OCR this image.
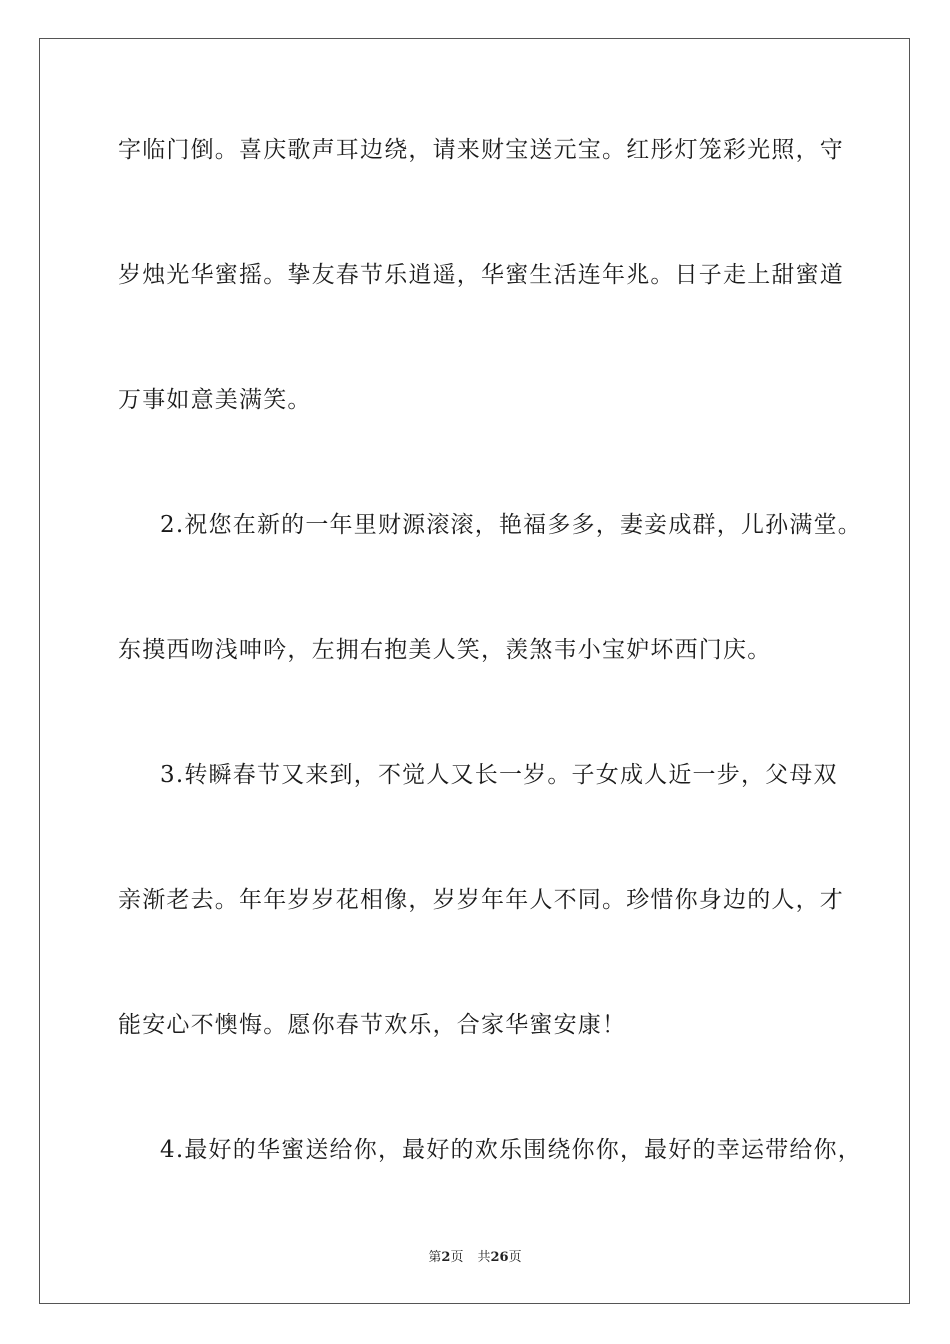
字临门倒。喜庆歌声耳边绕，请来财宝送元宝。红彤灯笼彩光照，守
岁烛光华蜜摇。挚友春节乐逍遥，华蜜生活连年兆。日子走上甜蜜道
万事如意美满笑。
2.祝您在新的一年里财源滚滚，艳福多多，妻妾成群，儿孙满堂。
东摸西吻浅呻吟，左拥右抱美人笑，羡煞韦小宝妒坏西门庆。
3.转瞬春节又来到，不觉人又长一岁。子女成人近一步，父母双
亲渐老去。年年岁岁花相像，岁岁年年人不同。珍惜你身边的人，才
能安心不懊悔。愿你春节欢乐，合家华蜜安康！
4.最好的华蜜送给你，最好的欢乐围绕你你，最好的幸运带给你，
第2页 共26页
